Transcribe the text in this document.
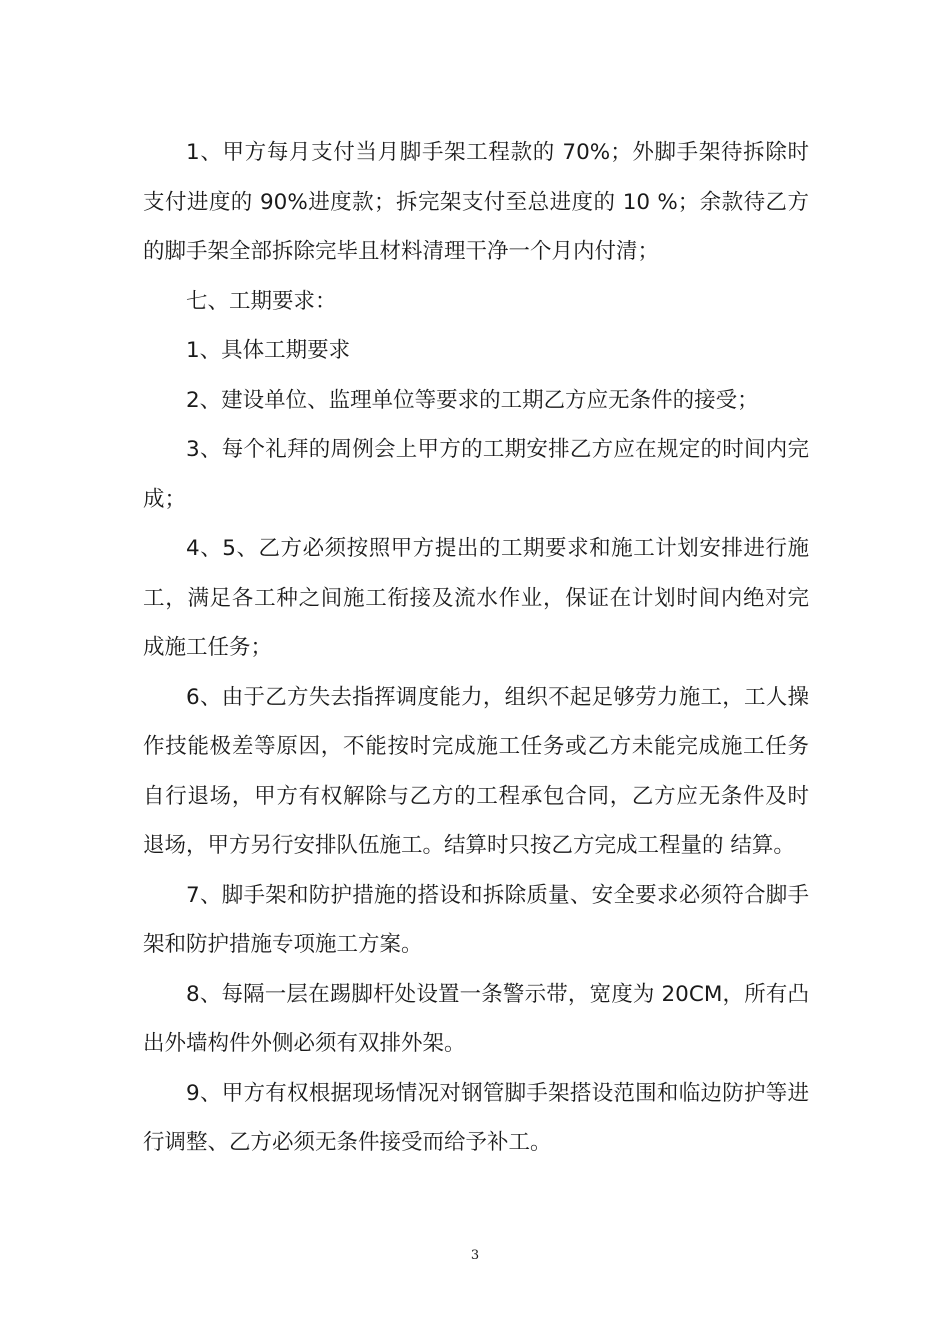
1、甲方每月支付当月脚手架工程款的 70%；外脚手架待拆除时支付进度的 90%进度款；拆完架支付至总进度的 10 %；余款待乙方的脚手架全部拆除完毕且材料清理干净一个月内付清；

七、工期要求：

1、具体工期要求

2、建设单位、监理单位等要求的工期乙方应无条件的接受；

3、每个礼拜的周例会上甲方的工期安排乙方应在规定的时间内完成；

4、5、乙方必须按照甲方提出的工期要求和施工计划安排进行施工，满足各工种之间施工衔接及流水作业，保证在计划时间内绝对完成施工任务；

6、由于乙方失去指挥调度能力，组织不起足够劳力施工，工人操作技能极差等原因，不能按时完成施工任务或乙方未能完成施工任务自行退场，甲方有权解除与乙方的工程承包合同，乙方应无条件及时退场，甲方另行安排队伍施工。结算时只按乙方完成工程量的 结算。

7、脚手架和防护措施的搭设和拆除质量、安全要求必须符合脚手架和防护措施专项施工方案。

8、每隔一层在踢脚杆处设置一条警示带，宽度为 20CM，所有凸出外墙构件外侧必须有双排外架。

9、甲方有权根据现场情况对钢管脚手架搭设范围和临边防护等进行调整、乙方必须无条件接受而给予补工。

3
